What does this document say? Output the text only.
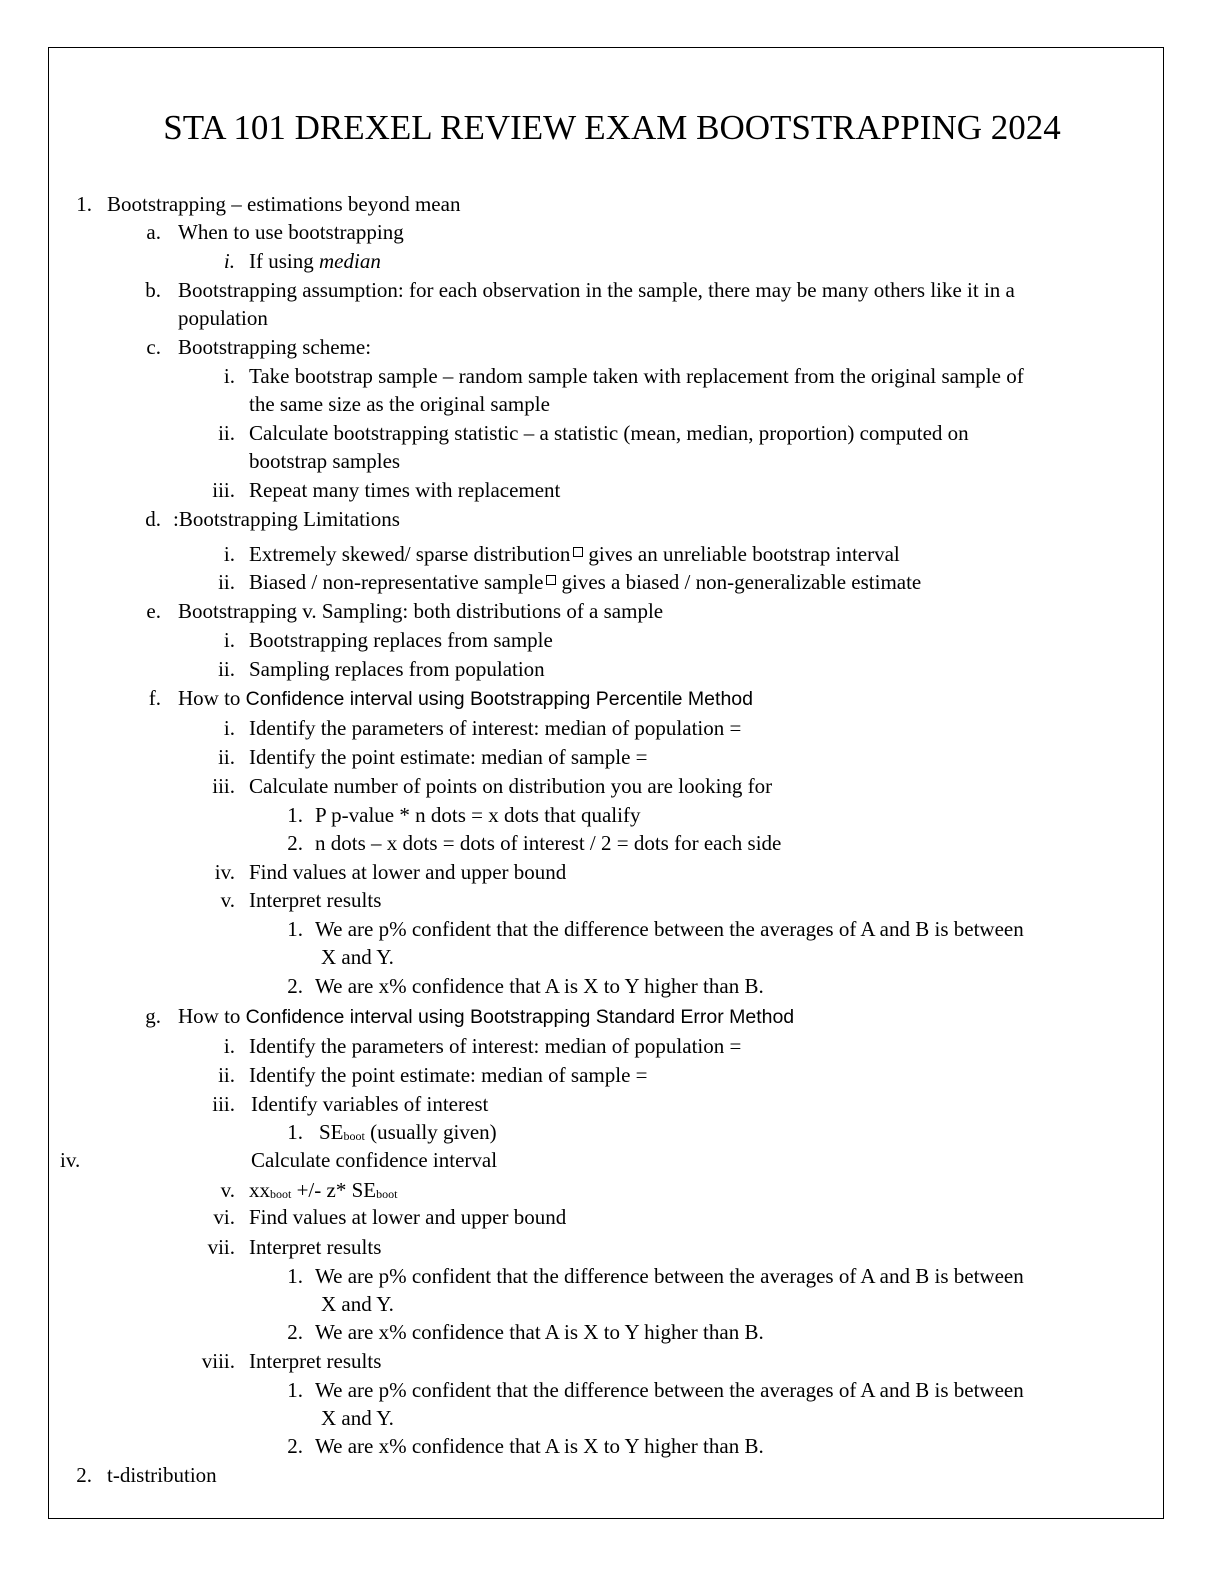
STA 101 DREXEL REVIEW EXAM BOOTSTRAPPING 2024
1. Bootstrapping – estimations beyond mean
a. When to use bootstrapping
i. If using median
b. Bootstrapping assumption: for each observation in the sample, there may be many others like it in a
population
c. Bootstrapping scheme:
i. Take bootstrap sample – random sample taken with replacement from the original sample of
the same size as the original sample
ii. Calculate bootstrapping statistic – a statistic (mean, median, proportion) computed on
bootstrap samples
iii. Repeat many times with replacement
d. :Bootstrapping Limitations
i. Extremely skewed/ sparse distribution gives an unreliable bootstrap interval
ii. Biased / non-representative sample gives a biased / non-generalizable estimate
e. Bootstrapping v. Sampling: both distributions of a sample
i. Bootstrapping replaces from sample
ii. Sampling replaces from population
f. How to Confidence interval using Bootstrapping Percentile Method
i. Identify the parameters of interest: median of population =
ii. Identify the point estimate: median of sample =
iii. Calculate number of points on distribution you are looking for
1. P p-value * n dots = x dots that qualify
2. n dots – x dots = dots of interest / 2 = dots for each side
iv. Find values at lower and upper bound
v. Interpret results
1. We are p% confident that the difference between the averages of A and B is between
X and Y.
2. We are x% confidence that A is X to Y higher than B.
g. How to Confidence interval using Bootstrapping Standard Error Method
i. Identify the parameters of interest: median of population =
ii. Identify the point estimate: median of sample =
iii. Identify variables of interest
1. $SE_{boot}$ (usually given)
iv.	Calculate confidence interval
v. $xx_{boot}$ +/- z* $SE_{boot}$
vi. Find values at lower and upper bound
vii. Interpret results
1. We are p% confident that the difference between the averages of A and B is between
X and Y.
2. We are x% confidence that A is X to Y higher than B.
viii. Interpret results
1. We are p% confident that the difference between the averages of A and B is between
X and Y.
2. We are x% confidence that A is X to Y higher than B.
2. t-distribution
